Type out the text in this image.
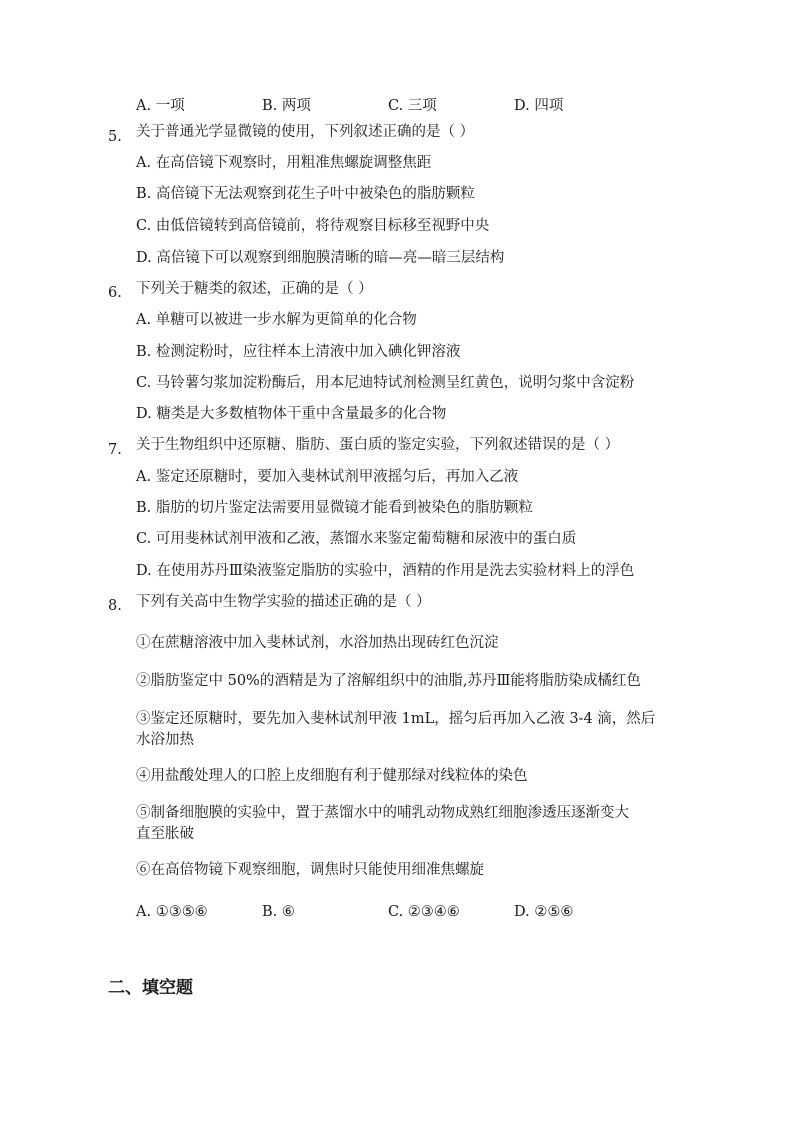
A. 一项	B. 两项	C. 三项	D. 四项
5. 关于普通光学显微镜的使用，下列叙述正确的是（ ）
A. 在高倍镜下观察时，用粗准焦螺旋调整焦距
B. 高倍镜下无法观察到花生子叶中被染色的脂肪颗粒
C. 由低倍镜转到高倍镜前，将待观察目标移至视野中央
D. 高倍镜下可以观察到细胞膜清晰的暗—亮—暗三层结构
6. 下列关于糖类的叙述，正确的是（ ）
A. 单糖可以被进一步水解为更简单的化合物
B. 检测淀粉时，应往样本上清液中加入碘化钾溶液
C. 马铃薯匀浆加淀粉酶后，用本尼迪特试剂检测呈红黄色，说明匀浆中含淀粉
D. 糖类是大多数植物体干重中含量最多的化合物
7. 关于生物组织中还原糖、脂肪、蛋白质的鉴定实验，下列叙述错误的是（ ）
A. 鉴定还原糖时，要加入斐林试剂甲液摇匀后，再加入乙液
B. 脂肪的切片鉴定法需要用显微镜才能看到被染色的脂肪颗粒
C. 可用斐林试剂甲液和乙液，蒸馏水来鉴定葡萄糖和尿液中的蛋白质
D. 在使用苏丹Ⅲ染液鉴定脂肪的实验中，酒精的作用是洗去实验材料上的浮色
8. 下列有关高中生物学实验的描述正确的是（ ）
①在蔗糖溶液中加入斐林试剂，水浴加热出现砖红色沉淀
②脂肪鉴定中 50%的酒精是为了溶解组织中的油脂,苏丹Ⅲ能将脂肪染成橘红色
③鉴定还原糖时，要先加入斐林试剂甲液 1mL，摇匀后再加入乙液 3-4 滴，然后
水浴加热
④用盐酸处理人的口腔上皮细胞有利于健那绿对线粒体的染色
⑤制备细胞膜的实验中，置于蒸馏水中的哺乳动物成熟红细胞渗透压逐渐变大
直至胀破
⑥在高倍物镜下观察细胞，调焦时只能使用细准焦螺旋
A. ①③⑤⑥	B. ⑥	C. ②③④⑥	D. ②⑤⑥
二、填空题
